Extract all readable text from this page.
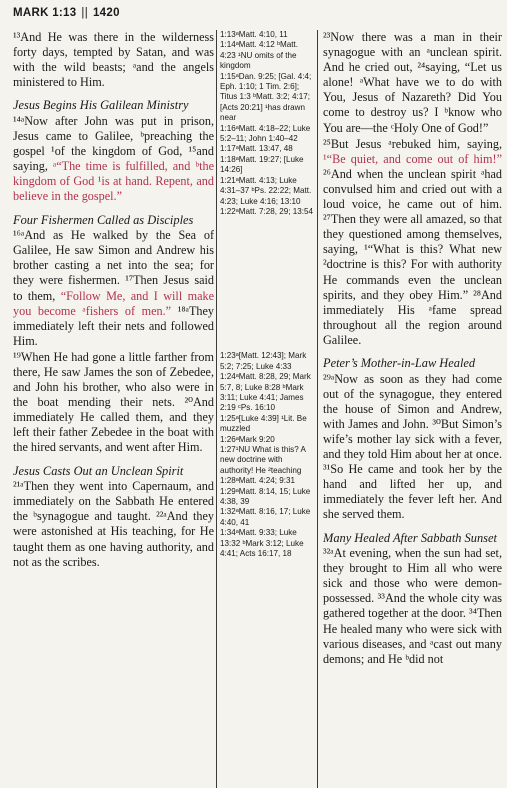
MARK 1:13 || 1420

¹³And He was there in the wilderness forty days, tempted by Satan, and was with the wild beasts; ᵃand the angels ministered to Him.

Jesus Begins His Galilean Ministry

¹⁴ᵃNow after John was put in prison, Jesus came to Galilee, ᵇpreaching the gospel ¹of the kingdom of God, ¹⁵and saying, ᵃ“The time is fulfilled, and ᵇthe kingdom of God ¹is at hand. Repent, and believe in the gospel.”

Four Fishermen Called as Disciples

¹⁶ᵃAnd as He walked by the Sea of Galilee, He saw Simon and Andrew his brother casting a net into the sea; for they were fishermen. ¹⁷Then Jesus said to them, “Follow Me, and I will make you become ᵃfishers of men.” ¹⁸ᵃThey immediately left their nets and followed Him.

¹⁹When He had gone a little farther from there, He saw James the son of Zebedee, and John his brother, who also were in the boat mending their nets. ²⁰And immediately He called them, and they left their father Zebedee in the boat with the hired servants, and went after Him.

Jesus Casts Out an Unclean Spirit

²¹ᵃThen they went into Capernaum, and immediately on the Sabbath He entered the ᵇsynagogue and taught. ²²ᵃAnd they were astonished at His teaching, for He taught them as one having authority, and not as the scribes.

1:13ᵃMatt. 4:10, 11
1:14ᵃMatt. 4:12 ᵇMatt. 4:23 ¹NU omits of the kingdom
1:15ᵃDan. 9:25; [Gal. 4:4; Eph. 1:10; 1 Tim. 2:6]; Titus 1:3 ᵇMatt. 3:2; 4:17; [Acts 20:21] ¹has drawn near
1:16ᵃMatt. 4:18–22; Luke 5:2–11; John 1:40–42
1:17ᵃMatt. 13:47, 48
1:18ᵃMatt. 19:27; [Luke 14:26]
1:21ᵃMatt. 4:13; Luke 4:31–37 ᵇPs. 22:22; Matt. 4:23; Luke 4:16; 13:10
1:22ᵃMatt. 7:28, 29; 13:54
1:23ᵃ[Matt. 12:43]; Mark 5:2; 7:25; Luke 4:33
1:24ᵃMatt. 8:28, 29; Mark 5:7, 8; Luke 8:28 ᵇMark 3:11; Luke 4:41; James 2:19 ᶜPs. 16:10
1:25ᵃ[Luke 4:39] ¹Lit. Be muzzled
1:26ᵃMark 9:20
1:27¹NU What is this? A new doctrine with authority! He ²teaching
1:28ᵃMatt. 4:24; 9:31
1:29ᵃMatt. 8:14, 15; Luke 4:38, 39
1:32ᵃMatt. 8:16, 17; Luke 4:40, 41
1:34ᵃMatt. 9:33; Luke 13:32 ᵇMark 3:12; Luke 4:41; Acts 16:17, 18

²³Now there was a man in their synagogue with an ᵃunclean spirit. And he cried out, ²⁴saying, “Let us alone! ᵃWhat have we to do with You, Jesus of Nazareth? Did You come to destroy us? I ᵇknow who You are—the ᶜHoly One of God!”

²⁵But Jesus ᵃrebuked him, saying, ¹“Be quiet, and come out of him!” ²⁶And when the unclean spirit ᵃhad convulsed him and cried out with a loud voice, he came out of him. ²⁷Then they were all amazed, so that they questioned among themselves, saying, ¹“What is this? What new ²doctrine is this? For with authority He commands even the unclean spirits, and they obey Him.” ²⁸And immediately His ᵃfame spread throughout all the region around Galilee.

Peter’s Mother-in-Law Healed

²⁹ᵃNow as soon as they had come out of the synagogue, they entered the house of Simon and Andrew, with James and John. ³⁰But Simon’s wife’s mother lay sick with a fever, and they told Him about her at once. ³¹So He came and took her by the hand and lifted her up, and immediately the fever left her. And she served them.

Many Healed After Sabbath Sunset

³²ᵃAt evening, when the sun had set, they brought to Him all who were sick and those who were demon-possessed. ³³And the whole city was gathered together at the door. ³⁴Then He healed many who were sick with various diseases, and ᵃcast out many demons; and He ᵇdid not
